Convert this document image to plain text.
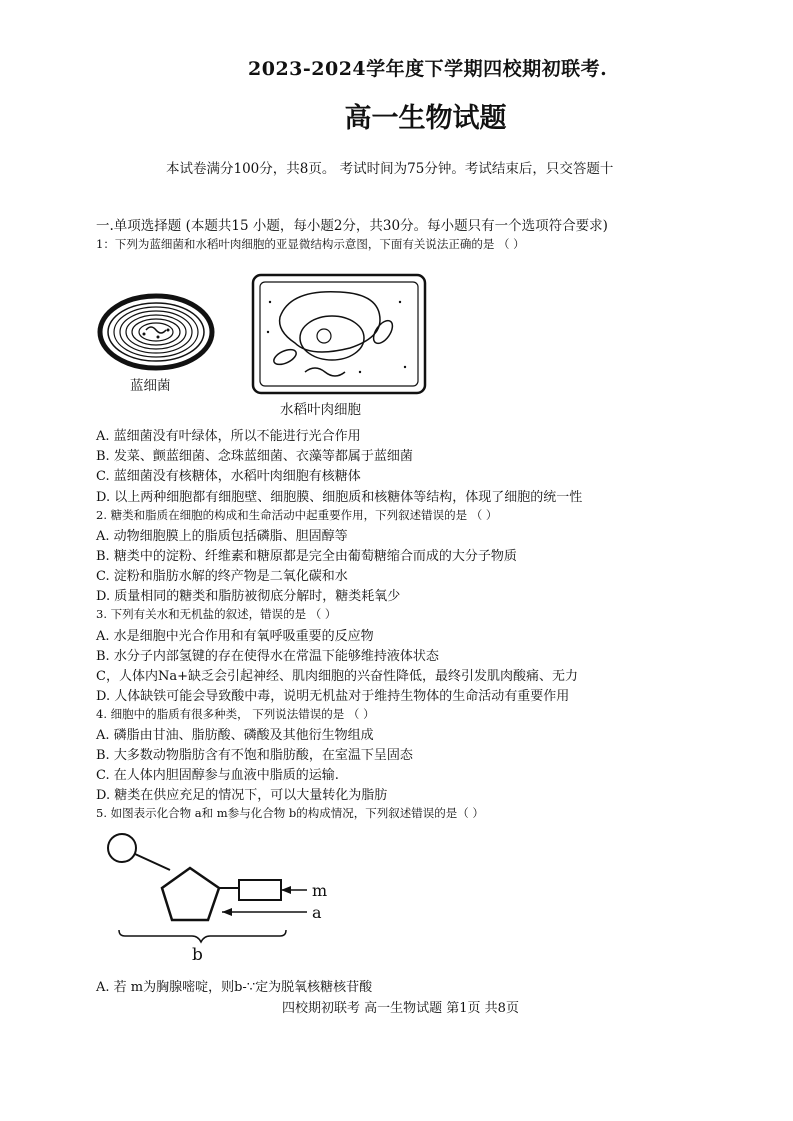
2023-2024学年度下学期四校期初联考.
高一生物试题
本试卷满分100分，共8页。 考试时间为75分钟。考试结束后，只交答题十
一.单项选择题 (本题共15 小题，每小题2分，共30分。每小题只有一个选项符合要求)
1：下列为蓝细菌和水稻叶肉细胞的亚显微结构示意图，下面有关说法正确的是 （ ）
蓝细菌
水稻叶肉细胞
A. 蓝细菌没有叶绿体，所以不能进行光合作用
B. 发菜、颤蓝细菌、念珠蓝细菌、衣藻等都属于蓝细菌
C. 蓝细菌没有核糖体，水稻叶肉细胞有核糖体
D. 以上两种细胞都有细胞壁、细胞膜、细胞质和核糖体等结构，体现了细胞的统一性
2. 糖类和脂质在细胞的构成和生命活动中起重要作用，下列叙述错误的是 （ ）
A. 动物细胞膜上的脂质包括磷脂、胆固醇等
B. 糖类中的淀粉、纤维素和糖原都是完全由葡萄糖缩合而成的大分子物质
C. 淀粉和脂肪水解的终产物是二氧化碳和水
D. 质量相同的糖类和脂肪被彻底分解时，糖类耗氧少
3. 下列有关水和无机盐的叙述，错误的是 （ ）
A. 水是细胞中光合作用和有氧呼吸重要的反应物
B. 水分子内部氢键的存在使得水在常温下能够维持液体状态
C，人体内Na+缺乏会引起神经、肌肉细胞的兴奋性降低，最终引发肌肉酸痛、无力
D. 人体缺铁可能会导致酸中毒，说明无机盐对于维持生物体的生命活动有重要作用
4. 细胞中的脂质有很多种类， 下列说法错误的是 （ ）
A. 磷脂由甘油、脂肪酸、磷酸及其他衍生物组成
B. 大多数动物脂肪含有不饱和脂肪酸，在室温下呈固态
C. 在人体内胆固醇参与血液中脂质的运输.
D. 糖类在供应充足的情况下，可以大量转化为脂肪
5. 如图表示化合物 a和 m参与化合物 b的构成情况，下列叙述错误的是（ ）
m
a
b
A. 若 m为胸腺嘧啶，则b-∵定为脱氧核糖核苷酸
四校期初联考 高一生物试题 第1页 共8页
